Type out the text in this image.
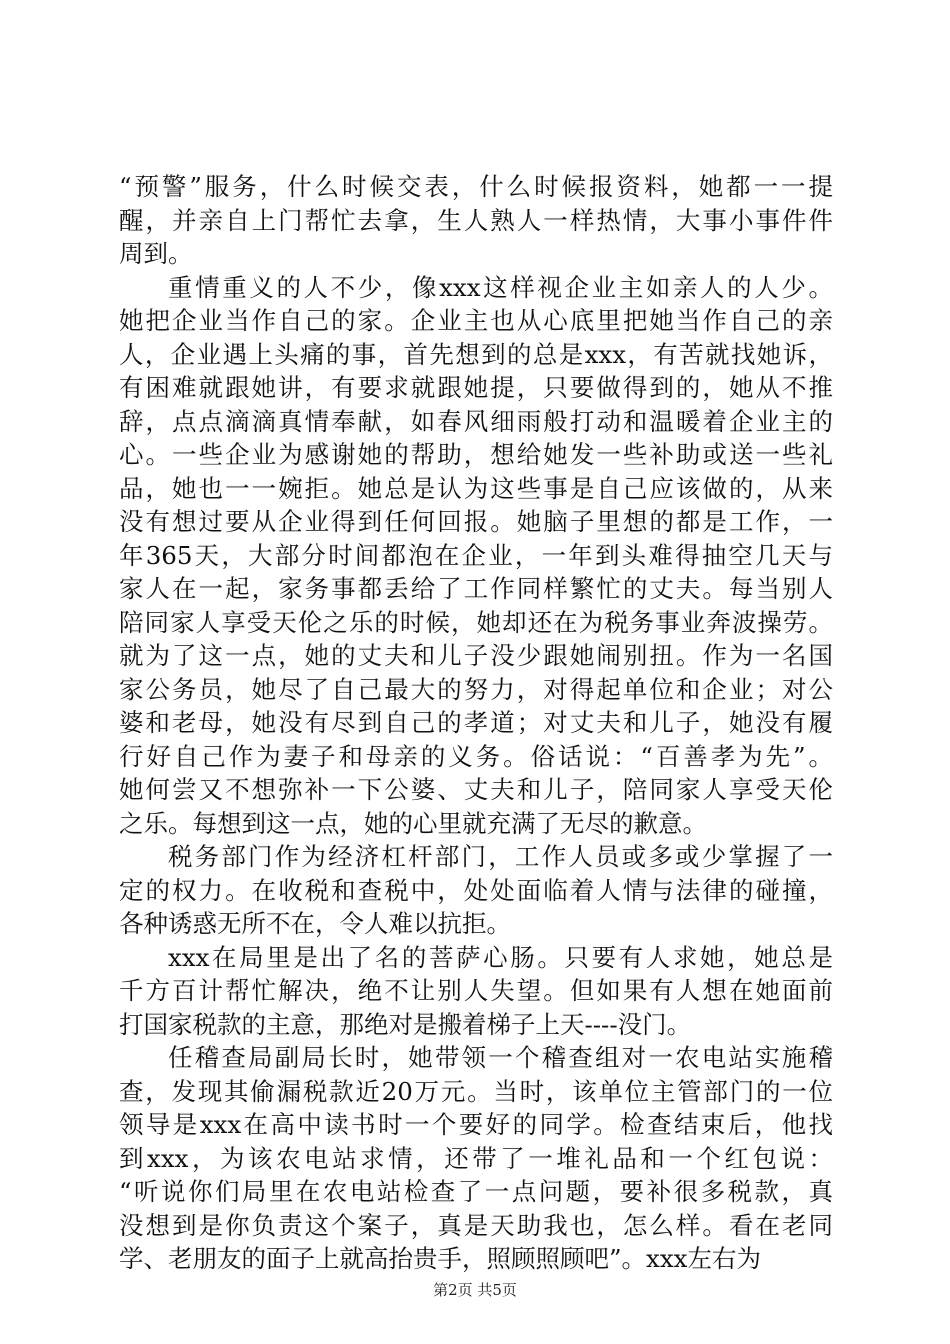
“预警”服务，什么时候交表，什么时候报资料，她都一一提
醒，并亲自上门帮忙去拿，生人熟人一样热情，大事小事件件
周到。
重情重义的人不少，像xxx这样视企业主如亲人的人少。
她把企业当作自己的家。企业主也从心底里把她当作自己的亲
人，企业遇上头痛的事，首先想到的总是xxx，有苦就找她诉，
有困难就跟她讲，有要求就跟她提，只要做得到的，她从不推
辞，点点滴滴真情奉献，如春风细雨般打动和温暖着企业主的
心。一些企业为感谢她的帮助，想给她发一些补助或送一些礼
品，她也一一婉拒。她总是认为这些事是自己应该做的，从来
没有想过要从企业得到任何回报。她脑子里想的都是工作，一
年365天，大部分时间都泡在企业，一年到头难得抽空几天与
家人在一起，家务事都丢给了工作同样繁忙的丈夫。每当别人
陪同家人享受天伦之乐的时候，她却还在为税务事业奔波操劳。
就为了这一点，她的丈夫和儿子没少跟她闹别扭。作为一名国
家公务员，她尽了自己最大的努力，对得起单位和企业；对公
婆和老母，她没有尽到自己的孝道；对丈夫和儿子，她没有履
行好自己作为妻子和母亲的义务。俗话说：“百善孝为先”。
她何尝又不想弥补一下公婆、丈夫和儿子，陪同家人享受天伦
之乐。每想到这一点，她的心里就充满了无尽的歉意。
税务部门作为经济杠杆部门，工作人员或多或少掌握了一
定的权力。在收税和查税中，处处面临着人情与法律的碰撞，
各种诱惑无所不在，令人难以抗拒。
xxx在局里是出了名的菩萨心肠。只要有人求她，她总是
千方百计帮忙解决，绝不让别人失望。但如果有人想在她面前
打国家税款的主意，那绝对是搬着梯子上天----没门。
任稽查局副局长时，她带领一个稽查组对一农电站实施稽
查，发现其偷漏税款近20万元。当时，该单位主管部门的一位
领导是xxx在高中读书时一个要好的同学。检查结束后，他找
到xxx，为该农电站求情，还带了一堆礼品和一个红包说：
“听说你们局里在农电站检查了一点问题，要补很多税款，真
没想到是你负责这个案子，真是天助我也，怎么样。看在老同
学、老朋友的面子上就高抬贵手，照顾照顾吧”。xxx左右为
第2页 共5页
